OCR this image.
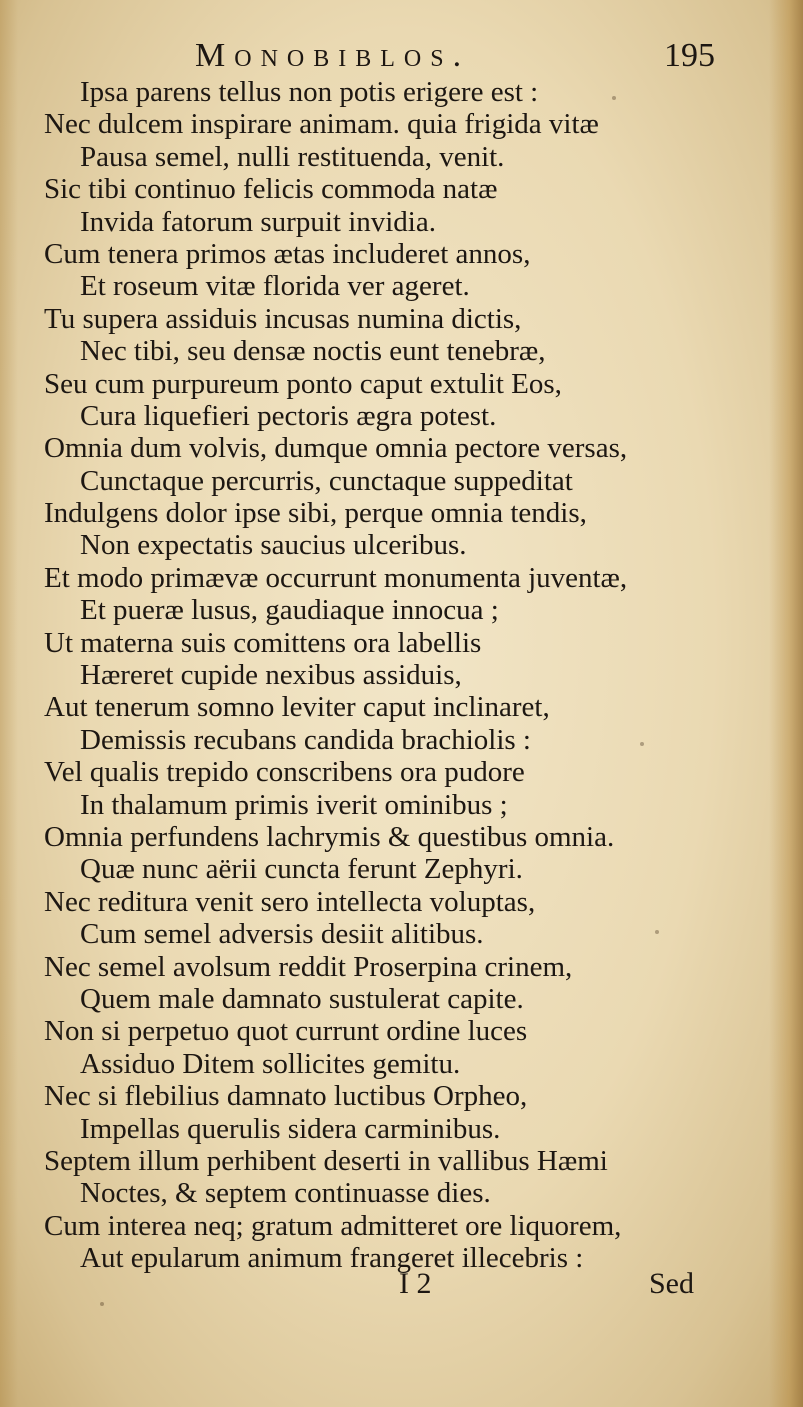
Monobiblos.	195
Ipsa parens tellus non potis erigere est :
Nec dulcem inspirare animam. quia frigida vitæ
Pausa semel, nulli restituenda, venit.
Sic tibi continuo felicis commoda natæ
Invida fatorum surpuit invidia.
Cum tenera primos ætas includeret annos,
Et roseum vitæ florida ver ageret.
Tu supera assiduis incusas numina dictis,
Nec tibi, seu densæ noctis eunt tenebræ,
Seu cum purpureum ponto caput extulit Eos,
Cura liquefieri pectoris ægra potest.
Omnia dum volvis, dumque omnia pectore versas,
Cunctaque percurris, cunctaque suppeditat
Indulgens dolor ipse sibi, perque omnia tendis,
Non expectatis saucius ulceribus.
Et modo primævæ occurrunt monumenta juventæ,
Et pueræ lusus, gaudiaque innocua ;
Ut materna suis comittens ora labellis
Hæreret cupide nexibus assiduis,
Aut tenerum somno leviter caput inclinaret,
Demissis recubans candida brachiolis :
Vel qualis trepido conscribens ora pudore
In thalamum primis iverit ominibus ;
Omnia perfundens lachrymis & questibus omnia.
Quæ nunc aërii cuncta ferunt Zephyri.
Nec reditura venit sero intellecta voluptas,
Cum semel adversis desiit alitibus.
Nec semel avolsum reddit Proserpina crinem,
Quem male damnato sustulerat capite.
Non si perpetuo quot currunt ordine luces
Assiduo Ditem sollicites gemitu.
Nec si flebilius damnato luctibus Orpheo,
Impellas querulis sidera carminibus.
Septem illum perhibent deserti in vallibus Hæmi
Noctes, & septem continuasse dies.
Cum interea neq; gratum admitteret ore liquorem,
Aut epularum animum frangeret illecebris :
I 2	Sed
